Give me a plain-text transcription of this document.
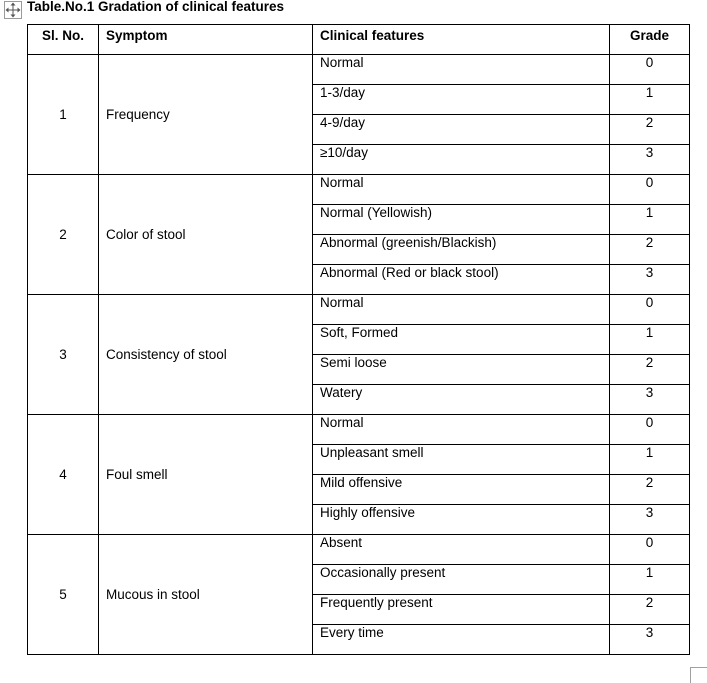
Table.No.1 Gradation of clinical features
Sl. No.	Symptom	Clinical features	Grade
1	Frequency	Normal	0
		1-3/day	1
		4-9/day	2
		≥10/day	3
2	Color of stool	Normal	0
		Normal (Yellowish)	1
		Abnormal (greenish/Blackish)	2
		Abnormal (Red or black stool)	3
3	Consistency of stool	Normal	0
		Soft, Formed	1
		Semi loose	2
		Watery	3
4	Foul smell	Normal	0
		Unpleasant smell	1
		Mild offensive	2
		Highly offensive	3
5	Mucous in stool	Absent	0
		Occasionally present	1
		Frequently present	2
		Every time	3
